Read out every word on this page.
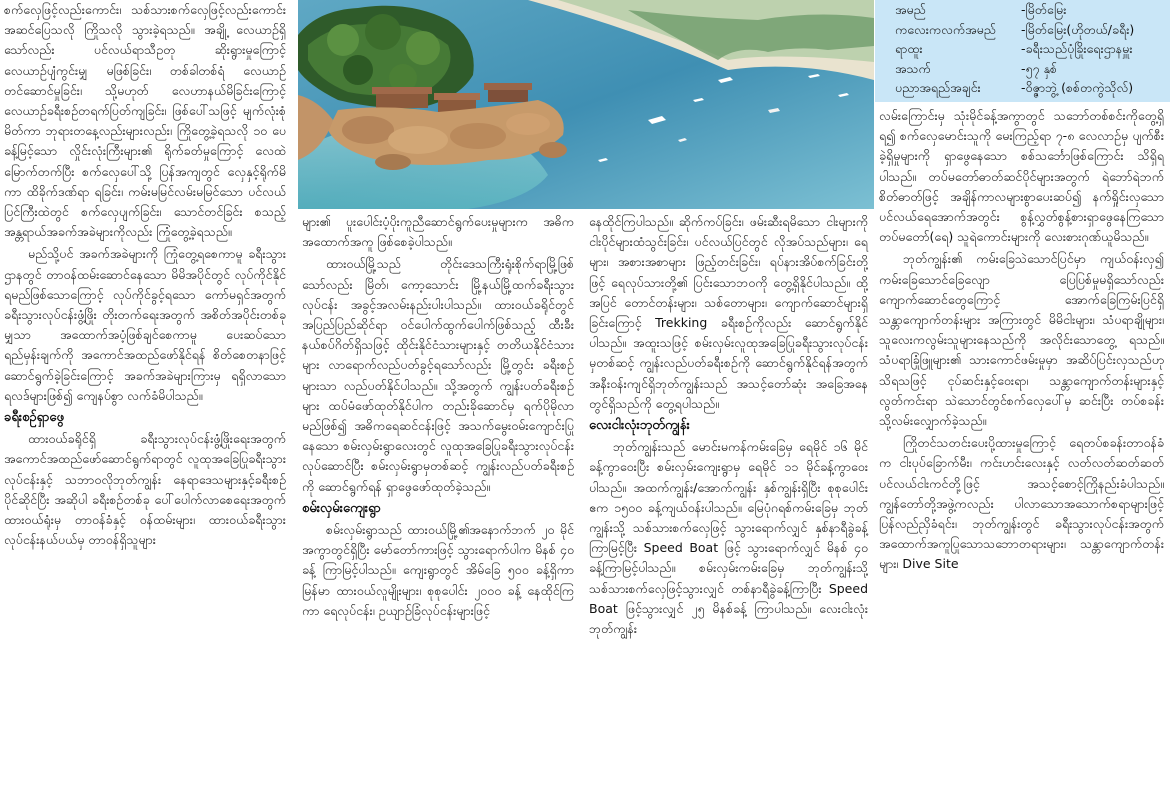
စက်လှေဖြင့်လည်းကောင်း၊ သစ်သားစက်လှေဖြင့်လည်းကောင်း အဆင်ပြေသလို ကြိုသလို သွားခဲ့ရသည်။ အချို့ လေယာဉ်ရှိသော်လည်း ပင်လယ်ရာသီဥတု ဆိုးရွားမှုကြောင့် လေယာဉ်ပျံကွင်းမျှ မဖြစ်ခြင်း၊ တစ်ခါတစ်ရံ လေယာဉ်တင်ဆောင်မှုခြင်း၊ သို့မဟုတ် လေဟာနယ်မိခြင်းကြောင့် လေယာဉ်ခရီးစဉ်တရက်ပြတ်ကျခြင်း၊ ဖြစ်ပေါ်သဖြင့် မျက်လုံးစုံမိတ်ကာ ဘုရားတနေ့လည်းများလည်း၊ ကြိုတွေ့ခဲ့ရသလို ၁၀ ပေခန့်မြင့်သော လှိုင်းလုံးကြီးများ၏ ရိုက်ခတ်မှုကြောင့် လေထဲမြောက်တက်ပြီး စက်လှေပေါ်သို့ ပြန်အကျတွင် လှေနှင့်ရိုက်မိကာ ထိခိုက်ဒဏ်ရာ ရခြင်း၊ ကမ်းမမြင်လမ်းမမြင်သော ပင်လယ်ပြင်ကြီးထဲတွင် စက်လှေပျက်ခြင်း၊ သောင်တင်ခြင်း စသည့် အန္တရာယ်အခက်အခဲများကိုလည်း ကြုံတွေ့ခဲ့ရသည်။

မည်သို့ပင် အခက်အခဲများကို ကြုံတွေ့ရစေကာမူ ခရီးသွားဌာနတွင် တာဝန်ထမ်းဆောင်နေသော မိမိအပိုင်တွင် လုပ်ကိုင်နိုင်ရမည်ဖြစ်သောကြောင့် လုပ်ကိုင်ခွင့်ရသော ကော်မရှင်အတွက် ခရီးသွားလုပ်ငန်းဖွံ့ဖြိုး တိုးတက်ရေးအတွက် အစိတ်အပိုင်းတစ်ခုမျှသာ အထောက်အပံ့ဖြစ်ချင်စေကာမူ ပေးဆပ်သော ရည်မှန်းချက်ကို အကောင်အထည်ဖော်နိုင်ရန် စိတ်စေတနာဖြင့် ဆောင်ရွက်ခဲ့ခြင်းကြောင့် အခက်အခဲများကြားမှ ရရှိလာသော ရလဒ်များဖြစ်၍ ကျေနပ်စွာ လက်ခံမိပါသည်။

ခရီးစဉ်ရှာဖွေ

ထားဝယ်ခရိုင်ရှိ ခရီးသွားလုပ်ငန်းဖွံ့ဖြိုးရေးအတွက် အကောင်အထည်ဖော်ဆောင်ရွက်ရာတွင် လူထုအခြေပြုခရီးသွားလုပ်ငန်းနှင့် သဘာဝလိုဘုတ်ကျွန်း နေရာဒေသများနှင့်ခရီးစဉ်ပိုင်ဆိုင်ပြီး အဆိုပါ ခရီးစဉ်တစ်ခု ပေါ်ပေါက်လာစေရေးအတွက် ထားဝယ်ရုံးမှ တာဝန်ခံနှင့် ဝန်ထမ်းများ၊ ထားဝယ်ခရီးသွားလုပ်ငန်းနယ်ပယ်မှ တာဝန်ရှိသူများ

များ၏ ပူးပေါင်းပံ့ပိုးကူညီဆောင်ရွက်ပေးမှုများက အဓိကအထောက်အကူ ဖြစ်စေခဲ့ပါသည်။

ထားဝယ်မြို့သည် တိုင်းဒေသကြီးရုံးစိုက်ရာမြို့ဖြစ်သော်လည်း မြိတ်၊ ကော့သောင်း မြို့နယ်မြို့ထက်ခရီးသွားလုပ်ငန်း အခွင့်အလမ်းနည်းပါးပါသည်။ ထားဝယ်ခရိုင်တွင် အပြည်ပြည်ဆိုင်ရာ ဝင်ပေါက်ထွက်ပေါက်ဖြစ်သည့် ထီးခီးနယ်စပ်ဂိတ်ရှိသဖြင့် ထိုင်းနိုင်ငံသားများနှင့် တတိယနိုင်ငံသားများ လာရောက်လည်ပတ်ခွင့်ရသော်လည်း မြို့တွင်း ခရီးစဉ်များသာ လည်ပတ်နိုင်ပါသည်။ သို့အတွက် ကျွန်းပတ်ခရီးစဉ်များ ထပ်မံဖော်ထုတ်နိုင်ပါက တည်းခိုဆောင်မှ ရက်ပိုမိုလာမည်ဖြစ်၍ အဓိကရေဆင်ငန်းဖြင့် အသက်မွေးဝမ်းကျောင်းပြုနေသော စမ်းလှမ်းရွာလေးတွင် လူထုအခြေပြုခရီးသွားလုပ်ငန်းလုပ်ဆောင်ပြီး စမ်းလှမ်းရွာမှတစ်ဆင့် ကျွန်းလည်ပတ်ခရီးစဉ်ကို ဆောင်ရွက်ရန် ရှာဖွေဖော်ထုတ်ခဲ့သည်။

စမ်းလှမ်းကျေးရွာ

စမ်းလှမ်းရွာသည် ထားဝယ်မြို့၏အနောက်ဘက် ၂၀ မိုင်အကွာတွင်ရှိပြီး မော်တော်ကားဖြင့် သွားရောက်ပါက မိနစ် ၄၀ ခန့် ကြာမြင့်ပါသည်။ ကျေးရွာတွင် အိမ်ခြေ ၅၀၀ ခန့်ရှိကာ မြန်မာ ထားဝယ်လူမျိုးများ၊ စုစုပေါင်း ၂၀၀၀ ခန့် နေထိုင်ကြကာ ရေလုပ်ငန်း၊ ဥယျာဉ်ခြံလုပ်ငန်းများဖြင့်

နေထိုင်ကြပါသည်။ ဆိုက်ကပ်ခြင်း၊ ဖမ်းဆီးရမိသော ငါးများကို ငါးပိုင်များထံသွင်းခြင်း၊ ပင်လယ်ပြင်တွင် လိုအပ်သည်များ၊ ရေများ၊ အစားအစာများ ဖြည့်တင်းခြင်း၊ ရပ်နားအိပ်စက်ခြင်းတို့ဖြင့် ရေလုပ်သားတို့၏ ပြင်းသောဘဝကို တွေ့ရှိနိုင်ပါသည်။ ထို့အပြင် တောင်တန်းများ၊ သစ်တောများ၊ ကျောက်ဆောင်များရှိခြင်းကြောင့် Trekking ခရီးစဉ်ကိုလည်း ဆောင်ရွက်နိုင်ပါသည်။ အထူးသဖြင့် စမ်းလှမ်းလူထုအခြေပြုခရီးသွားလုပ်ငန်းမှတစ်ဆင့် ကျွန်းလည်ပတ်ခရီးစဉ်ကို ဆောင်ရွက်နိုင်ရန်အတွက် အနီးဝန်းကျင်ရှိဘုတ်ကျွန်းသည် အသင့်တော်ဆုံး အခြေအနေတွင်ရှိသည်ကို တွေ့ရပါသည်။

လေးငါးလုံးဘုတ်ကျွန်း

ဘုတ်ကျွန်းသည် မောင်းမကန်ကမ်းခြေမှ ရေမိုင် ၁၆ မိုင်ခန့်ကွာဝေးပြီး စမ်းလှမ်းကျေးရွာမှ ရေမိုင် ၁၁ မိုင်ခန့်ကွာဝေးပါသည်။ အထက်ကျွန်း/အောက်ကျွန်း နှစ်ကျွန်းရှိပြီး စုစုပေါင်း ဧက ၁၅၀၀ ခန့်ကျယ်ဝန်းပါသည်။ မြေပုံဂရစ်ကမ်းခြေမှ ဘုတ်ကျွန်းသို့ သစ်သားစက်လှေဖြင့် သွားရောက်လျှင် နှစ်နာရီခွဲခန့်ကြာမြင့်ပြီး Speed Boat ဖြင့် သွားရောက်လျှင် မိနစ် ၄၀ ခန့်ကြာမြင့်ပါသည်။ စမ်းလှမ်းကမ်းခြေမှ ဘုတ်ကျွန်းသို့ သစ်သားစက်လှေဖြင့်သွားလျှင် တစ်နာရီခွဲခန့်ကြာပြီး Speed Boat ဖြင့်သွားလျှင် ၂၅ မိနစ်ခန့် ကြာပါသည်။ လေးငါးလုံးဘုတ်ကျွန်း

အမည်	-မြိတ်မြေး
ကလေးကလက်အမည်	-မြိတ်မြေး(ဟိုတယ်/ခရီး)
ရာထူး	-ခရီးသည်ပုံခြိုးရေးဌာနမှူး
အသက်	-၅၇ နှစ်
ပညာအရည်အချင်း	-ဝိဇ္ဇာဘွဲ့ (စစ်တကွဲသိုလ်)

လမ်းကြောင်းမှ သုံးမိုင်ခန့်အကွာတွင် သဘော်တစ်စင်းကိုတွေ့ရှိရ၍ စက်လှေမောင်းသူကို မေးကြည့်ရာ ၇-၈ လေလာဉ်မှ ပျက်စီးခဲ့ရှိမှုများကို ရှာဖွေနေသော စစ်သင်္ဘောဖြစ်ကြောင်း သိရှိရပါသည်။ တပ်မတော်ဓာတ်ဆင်ပိုင်များအတွက် ရဲဘော်ရဲဘက်စိတ်ဓာတ်ဖြင့် အချိန်ကာလများစွာပေးဆပ်၍ နက်ရှိုင်းလှသော ပင်လယ်ရေအောက်အတွင်း စွန့်လွှတ်စွန့်စားရှာဖွေနေကြသော တပ်မတော်(ရေ) သူရဲကောင်းများကို လေးစားဂုဏ်ယူမိသည်။

ဘုတ်ကျွန်း၏ ကမ်းခြေသဲသောင်ပြင်မှာ ကျယ်ဝန်းလှ၍ ကမ်းခြေသောင်ခြေလျော ပြေပြစ်မှုမရှိသော်လည်း ကျောက်ဆောင်တွေကြောင့် အောက်ခြေကြမ်းပြင်ရှိ သန္တာကျောက်တန်းများ အကြားတွင် မိမိငါးများ၊ သံပရာချိုများ၊ သူလေးကလွမ်းသူများနေသည်ကို အလိုင်းသောတွေ့ ရသည်။ သံပရာခြုံဖြူများ၏ သားကောင်ဖမ်းမှုမှာ အဆိပ်ပြင်းလှသည်ဟု သိရသဖြင့် ငုပ်ဆင်းနှင့်ဝေးရာ၊ သန္တာကျောက်တန်းများနှင့်လွတ်ကင်းရာ သဲသောင်တွင်စက်လှေပေါ်မှ ဆင်းပြီး တပ်စခန်းသို့လမ်းလျှောက်ခဲ့သည်။

ကြိုတင်သတင်းပေးပို့ထားမှုကြောင့် ရေတပ်စခန်းတာဝန်ခံက ငါးပုပ်ခြောက်မီး၊ ကင်းဟင်းလေးနှင့် လတ်လတ်ဆတ်ဆတ်ပင်လယ်ငါးကင်တို့ဖြင့် အသင့်စောင့်ကြိုနည်းခံပါသည်။ ကျွန်တော်တို့အဖွဲ့ကလည်း ပါလာသောအသောက်စရာများဖြင့် ပြန်လည်ညှိခံရင်း၊ ဘုတ်ကျွန်းတွင် ခရီးသွားလုပ်ငန်းအတွက် အထောက်အကူပြုသောသဘောတရားများ၊ သန္တာကျောက်တန်းများ၊ Dive Site
